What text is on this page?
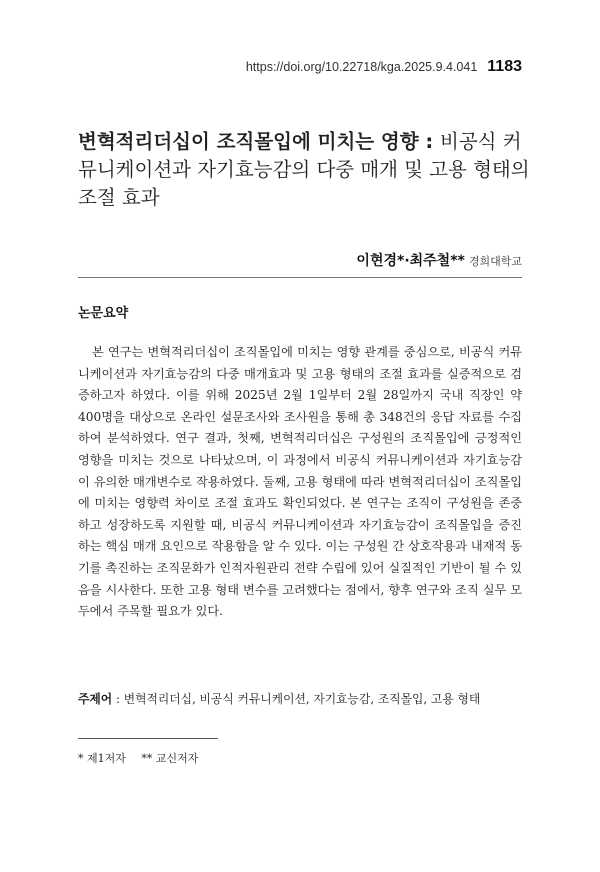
https://doi.org/10.22718/kga.2025.9.4.041 1183
변혁적리더십이 조직몰입에 미치는 영향 : 비공식 커뮤니케이션과 자기효능감의 다중 매개 및 고용 형태의 조절 효과
이현경*·최주철** 경희대학교
논문요약

본 연구는 변혁적리더십이 조직몰입에 미치는 영향 관계를 중심으로, 비공식 커뮤니케이션과 자기효능감의 다중 매개효과 및 고용 형태의 조절 효과를 실증적으로 검증하고자 하였다. 이를 위해 2025년 2월 1일부터 2월 28일까지 국내 직장인 약 400명을 대상으로 온라인 설문조사와 조사원을 통해 총 348건의 응답 자료를 수집하여 분석하였다. 연구 결과, 첫째, 변혁적리더십은 구성원의 조직몰입에 긍정적인 영향을 미치는 것으로 나타났으며, 이 과정에서 비공식 커뮤니케이션과 자기효능감이 유의한 매개변수로 작용하였다. 둘째, 고용 형태에 따라 변혁적리더십이 조직몰입에 미치는 영향력 차이로 조절 효과도 확인되었다. 본 연구는 조직이 구성원을 존중하고 성장하도록 지원할 때, 비공식 커뮤니케이션과 자기효능감이 조직몰입을 증진하는 핵심 매개 요인으로 작용함을 알 수 있다. 이는 구성원 간 상호작용과 내재적 동기를 촉진하는 조직문화가 인적자원관리 전략 수립에 있어 실질적인 기반이 될 수 있음을 시사한다. 또한 고용 형태 변수를 고려했다는 점에서, 향후 연구와 조직 실무 모두에서 주목할 필요가 있다.

주제어 : 변혁적리더십, 비공식 커뮤니케이션, 자기효능감, 조직몰입, 고용 형태
* 제1저자 ** 교신저자
